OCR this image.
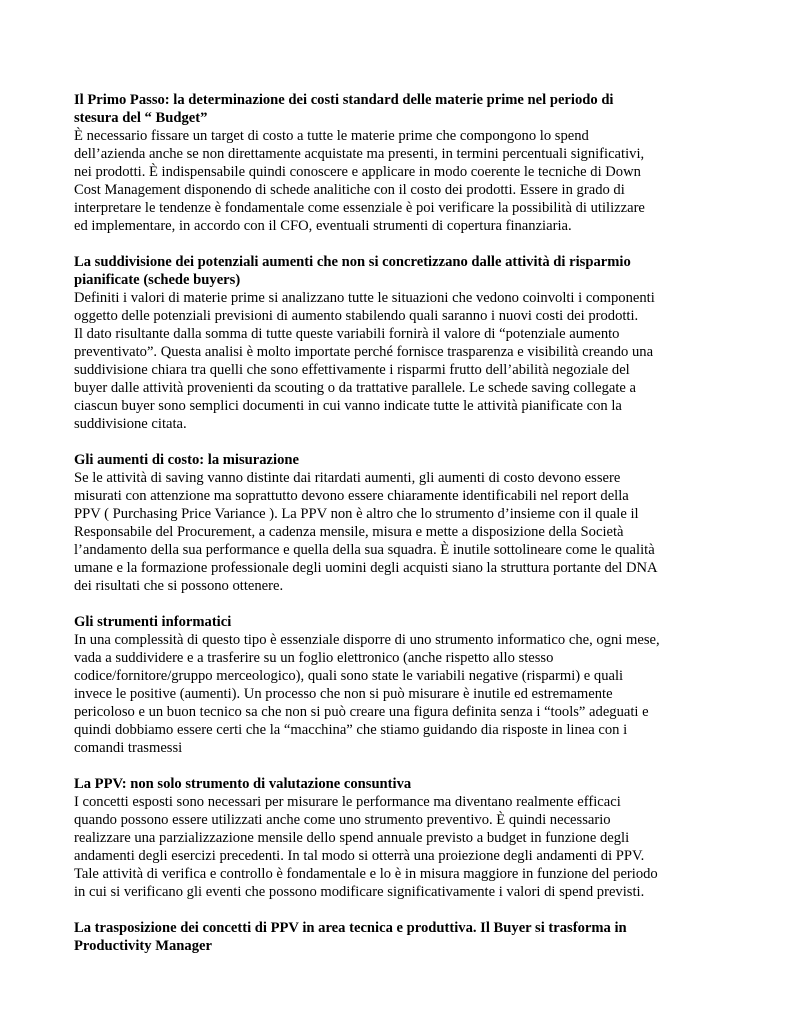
Il Primo Passo: la determinazione dei costi standard delle materie prime nel periodo di
stesura del “ Budget”
È necessario fissare un target di costo a tutte le materie prime che compongono lo spend
dell’azienda anche se non direttamente acquistate ma presenti, in termini percentuali significativi,
nei prodotti. È indispensabile quindi conoscere e applicare in modo coerente le tecniche di Down
Cost Management disponendo di schede analitiche con il costo dei prodotti. Essere in grado di
interpretare le tendenze è fondamentale come essenziale è poi verificare la possibilità di utilizzare
ed implementare, in accordo con il CFO, eventuali strumenti di copertura finanziaria.
La suddivisione dei potenziali aumenti che non si concretizzano dalle attività di risparmio
pianificate (schede buyers)
Definiti i valori di materie prime si analizzano tutte le situazioni che vedono coinvolti i componenti
oggetto delle potenziali previsioni di aumento stabilendo quali saranno i nuovi costi dei prodotti.
Il dato risultante dalla somma di tutte queste variabili fornirà il valore di “potenziale aumento
preventivato”. Questa analisi è molto importate perché fornisce trasparenza e visibilità creando una
suddivisione chiara tra quelli che sono effettivamente i risparmi frutto dell’abilità negoziale del
buyer dalle attività provenienti da scouting o da trattative parallele. Le schede saving collegate a
ciascun buyer sono semplici documenti in cui vanno indicate tutte le attività pianificate con la
suddivisione citata.
Gli aumenti di costo: la misurazione
Se le attività di saving vanno distinte dai ritardati aumenti, gli aumenti di costo devono essere
misurati con attenzione ma soprattutto devono essere chiaramente identificabili nel report della
PPV ( Purchasing Price Variance ). La PPV non è altro che lo strumento d’insieme con il quale il
Responsabile del Procurement, a cadenza mensile, misura e mette a disposizione della Società
l’andamento della sua performance e quella della sua squadra. È inutile sottolineare come le qualità
umane e la formazione professionale degli uomini degli acquisti siano la struttura portante del DNA
dei risultati che si possono ottenere.
Gli strumenti informatici
In una complessità di questo tipo è essenziale disporre di uno strumento informatico che, ogni mese,
vada a suddividere e a trasferire su un foglio elettronico (anche rispetto allo stesso
codice/fornitore/gruppo merceologico), quali sono state le variabili negative (risparmi) e quali
invece le positive (aumenti). Un processo che non si può misurare è inutile ed estremamente
pericoloso e un buon tecnico sa che non si può creare una figura definita senza i “tools” adeguati e
quindi dobbiamo essere certi che la “macchina” che stiamo guidando dia risposte in linea con i
comandi trasmessi
La PPV: non solo strumento di valutazione consuntiva
I concetti esposti sono necessari per misurare le performance ma diventano realmente efficaci
quando possono essere utilizzati anche come uno strumento preventivo. È quindi necessario
realizzare una parzializzazione mensile dello spend annuale previsto a budget in funzione degli
andamenti degli esercizi precedenti. In tal modo si otterrà una proiezione degli andamenti di PPV.
Tale attività di verifica e controllo è fondamentale e lo è in misura maggiore in funzione del periodo
in cui si verificano gli eventi che possono modificare significativamente i valori di spend previsti.
La trasposizione dei concetti di PPV in area tecnica e produttiva. Il Buyer si trasforma in
Productivity Manager
